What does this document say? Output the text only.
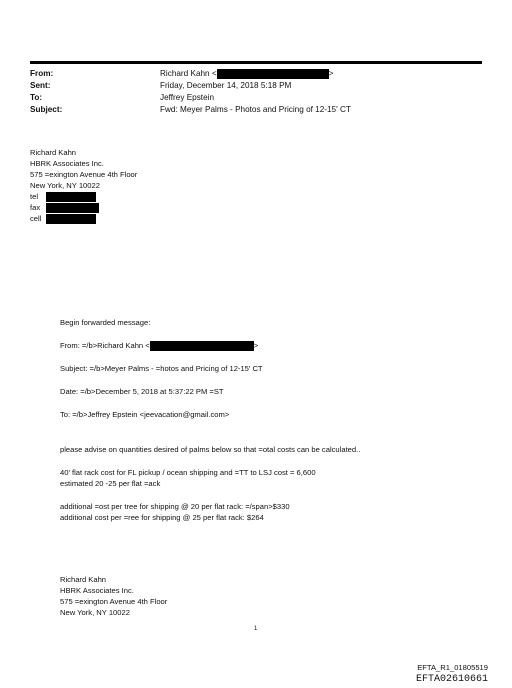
From:	Richard Kahn <	>
Sent:	Friday, December 14, 2018 5:18 PM
To:	Jeffrey Epstein
Subject:	Fwd: Meyer Palms - Photos and Pricing of 12-15' CT
Richard Kahn
HBRK Associates Inc.
575 =exington Avenue 4th Floor
New York, NY 10022
tel
fax
cell
Begin forwarded message:
From: =/b>Richard Kahn <	>
Subject: =/b>Meyer Palms - =hotos and Pricing of 12-15' CT
Date: =/b>December 5, 2018 at 5:37:22 PM =ST
To: =/b>Jeffrey Epstein <jeevacation@gmail.com>
please advise on quantities desired of palms below so that =otal costs can be calculated..
40' flat rack cost for FL pickup / ocean shipping and =TT to LSJ cost = 6,600
estimated 20 -25 per flat =ack
additional =ost per tree for shipping @ 20 per flat rack: =/span>$330
additional cost per =ree for shipping @ 25 per flat rack: $264
Richard Kahn
HBRK Associates Inc.
575 =exington Avenue 4th Floor
New York, NY 10022
1
EFTA_R1_01805519
EFTA02610661
